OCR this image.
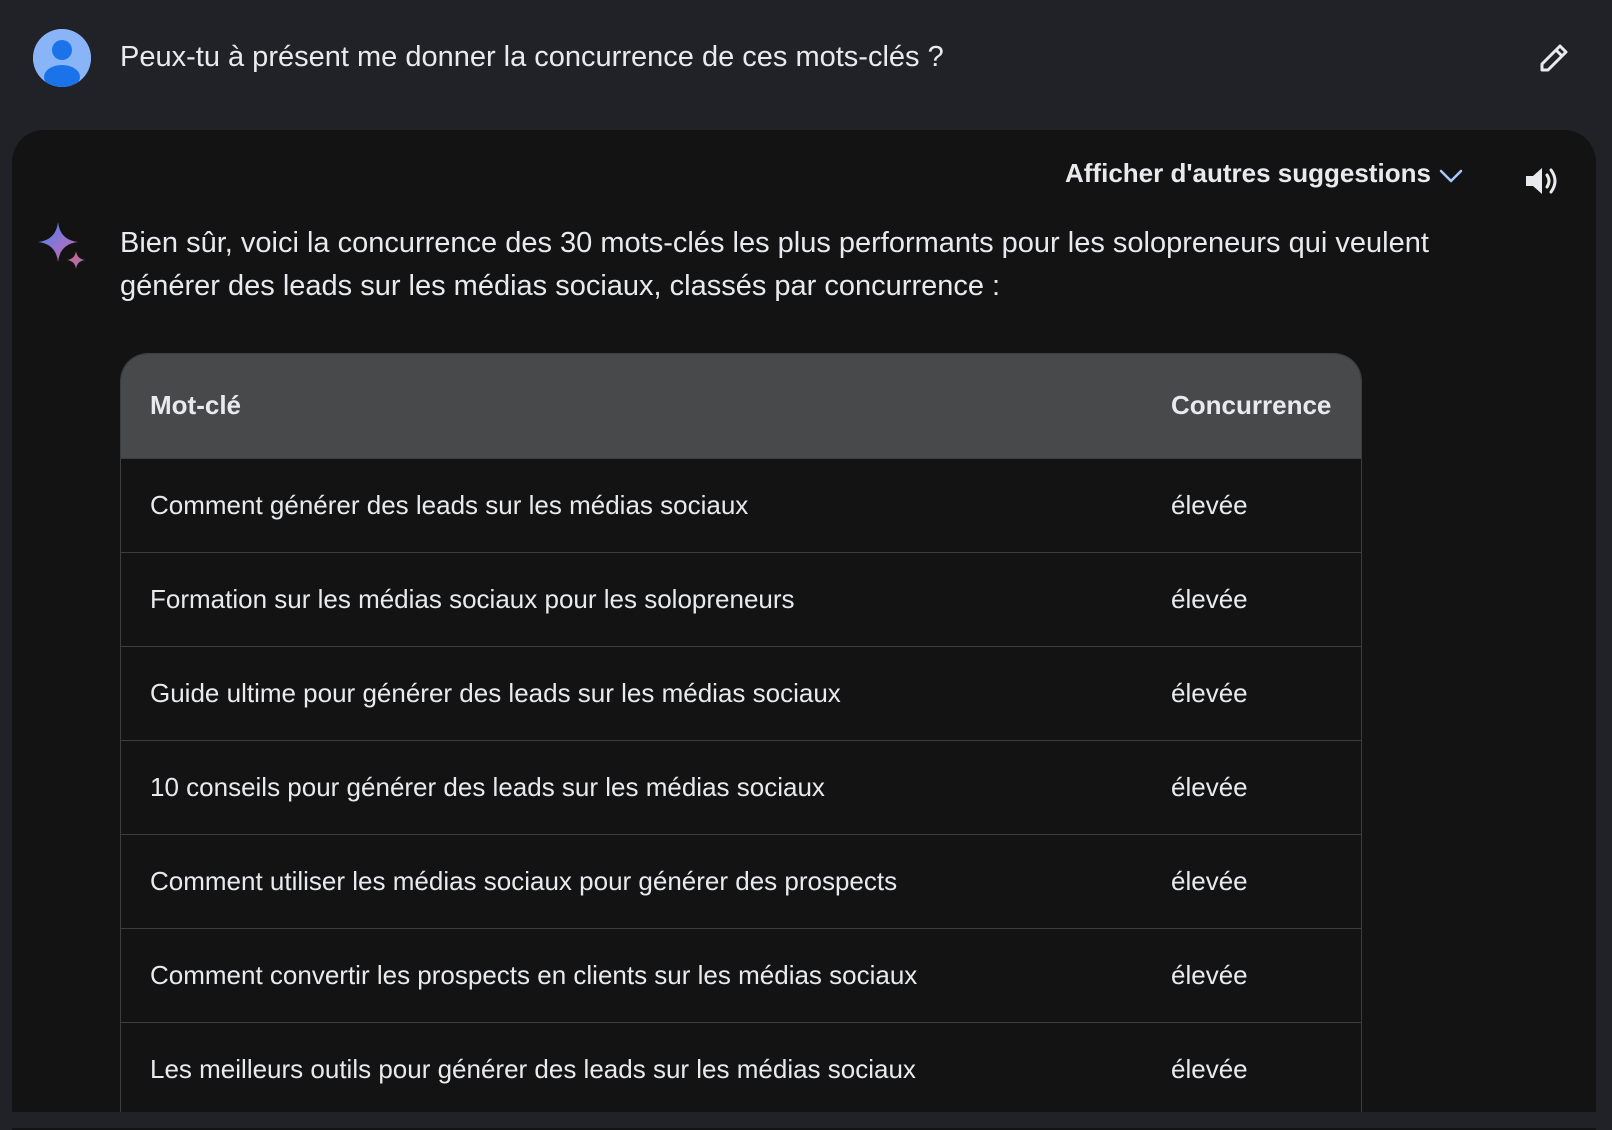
Peux-tu à présent me donner la concurrence de ces mots-clés ?
Afficher d'autres suggestions
Bien sûr, voici la concurrence des 30 mots-clés les plus performants pour les solopreneurs qui veulent générer des leads sur les médias sociaux, classés par concurrence :
Mot-clé	Concurrence
Comment générer des leads sur les médias sociaux	élevée
Formation sur les médias sociaux pour les solopreneurs	élevée
Guide ultime pour générer des leads sur les médias sociaux	élevée
10 conseils pour générer des leads sur les médias sociaux	élevée
Comment utiliser les médias sociaux pour générer des prospects	élevée
Comment convertir les prospects en clients sur les médias sociaux	élevée
Les meilleurs outils pour générer des leads sur les médias sociaux	élevée
